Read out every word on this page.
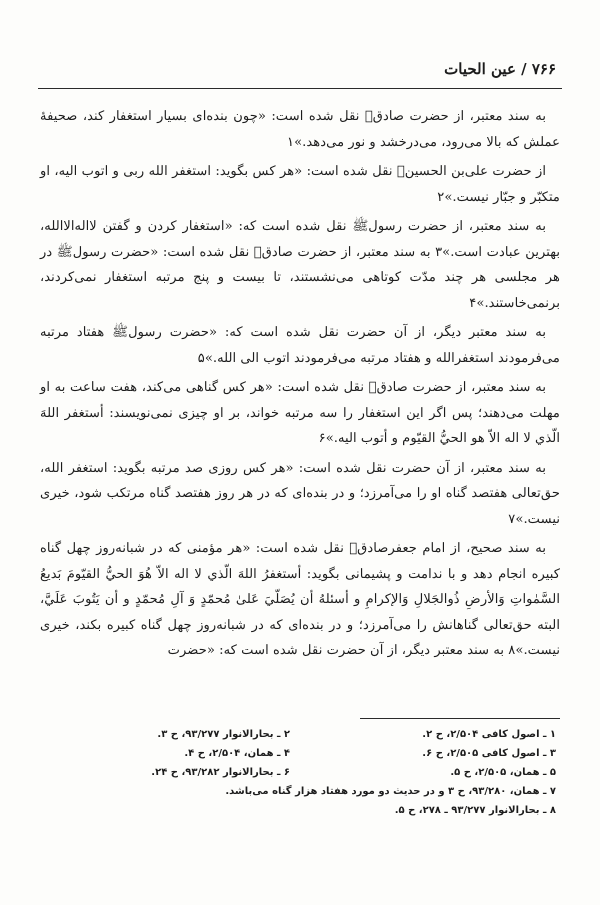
۷۶۶ / عین الحیات

به سند معتبر، از حضرت صادق﷣ نقل شده است: «چون بنده‌ای بسیار استغفار کند، صحیفهٔ عملش که بالا می‌رود، می‌درخشد و نور می‌دهد.»۱

از حضرت علی‌بن الحسین﷣ نقل شده است: «هر کس بگوید: استغفر الله ربی و اتوب الیه، او متکبّر و جبّار نیست.»۲

به سند معتبر، از حضرت رسولﷺ نقل شده است که: «استغفار کردن و گفتن لااله‌الاالله، بهترین عبادت است.»۳ به سند معتبر، از حضرت صادق﷣ نقل شده است: «حضرت رسولﷺ در هر مجلسی هر چند مدّت کوتاهی می‌نشستند، تا بیست و پنج مرتبه استغفار نمی‌کردند، برنمی‌خاستند.»۴

به سند معتبر دیگر، از آن حضرت نقل شده است که: «حضرت رسولﷺ هفتاد مرتبه می‌فرمودند استغفرالله و هفتاد مرتبه می‌فرمودند اتوب الی الله.»۵

به سند معتبر، از حضرت صادق﷣ نقل شده است: «هر کس گناهی می‌کند، هفت ساعت به او مهلت می‌دهند؛ پس اگر این استغفار را سه مرتبه خواند، بر او چیزی نمی‌نویسند: أستغفر اللهَ الّذي لا اله الاّ هو الحيُّ القيّوم و أتوب اليه.»۶

به سند معتبر، از آن حضرت نقل شده است: «هر کس روزی صد مرتبه بگوید: استغفر الله، حق‌تعالی هفتصد گناه او را می‌آمرزد؛ و در بنده‌ای که در هر روز هفتصد گناه مرتکب شود، خیری نیست.»۷

به سند صحیح، از امام جعفرصادق﷣ نقل شده است: «هر مؤمنی که در شبانه‌روز چهل گناه کبیره انجام دهد و با ندامت و پشیمانی بگوید: أستغفرُ اللهَ الّذي لا اله الاّ هُوَ الحيُّ القيّومَ بَديعُ السَّمٰواتِ وَالأرضِ ذُوالجَلالِ وَالإكرامِ و أسئلهُ أن يُصَلّيَ عَلىٰ مُحمّدٍ وَ آلِ مُحمّدٍ و أن يَتُوبَ عَلَيَّ، البته حق‌تعالی گناهانش را می‌آمرزد؛ و در بنده‌ای که در شبانه‌روز چهل گناه کبیره بکند، خیری نیست.»۸ به سند معتبر دیگر، از آن حضرت نقل شده است که: «حضرت

۱ ـ اصول کافی ۲/۵۰۴، ح ۲.
۲ ـ بحارالانوار ۹۳/۲۷۷، ح ۳.
۳ ـ اصول کافی ۲/۵۰۵، ح ۶.
۴ ـ همان، ۲/۵۰۴، ح ۴.
۵ ـ همان، ۲/۵۰۵، ح ۵.
۶ ـ بحارالانوار ۹۳/۲۸۲، ح ۲۴.
۷ ـ همان، ۹۳/۲۸۰، ح ۳ و در حدیث دو مورد هفتاد هزار گناه می‌باشد.
۸ ـ بحارالانوار ۹۳/۲۷۷ ـ ۲۷۸، ح ۵.
